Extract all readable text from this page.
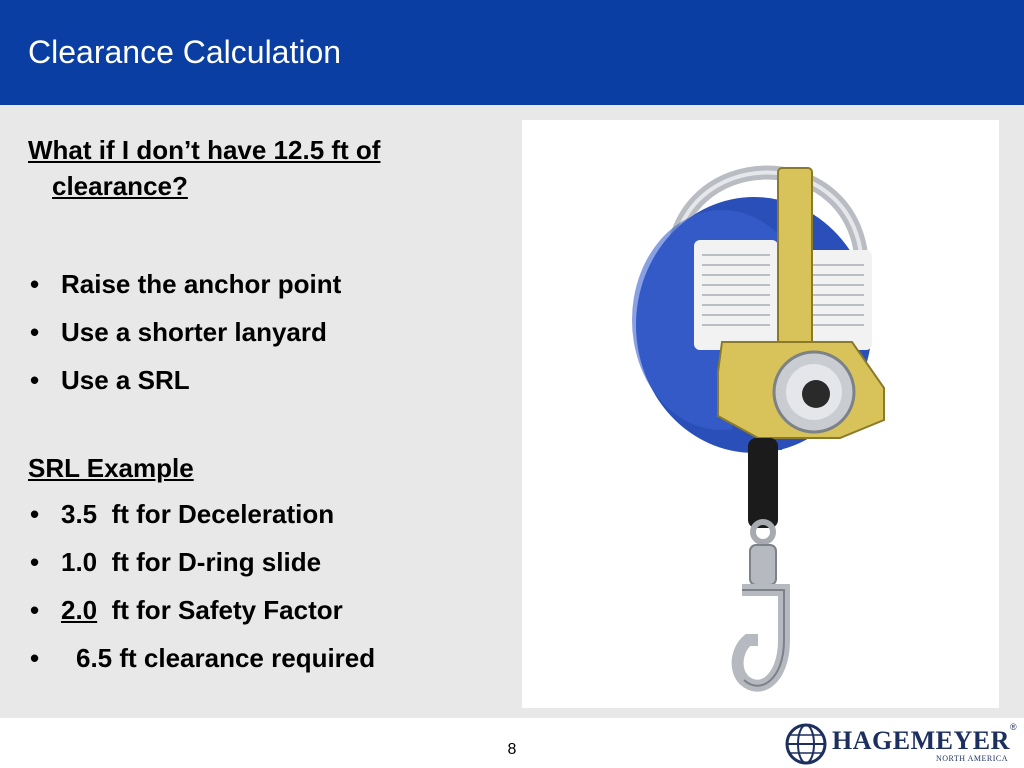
Clearance Calculation
What if I don’t have 12.5 ft of
clearance?
• Raise the anchor point
• Use a shorter lanyard
• Use a SRL
SRL Example
• 3.5 ft for Deceleration
• 1.0 ft for D-ring slide
• 2.0 ft for Safety Factor
• 6.5 ft clearance required
8	HAGEMEYER
NORTH AMERICA
®
